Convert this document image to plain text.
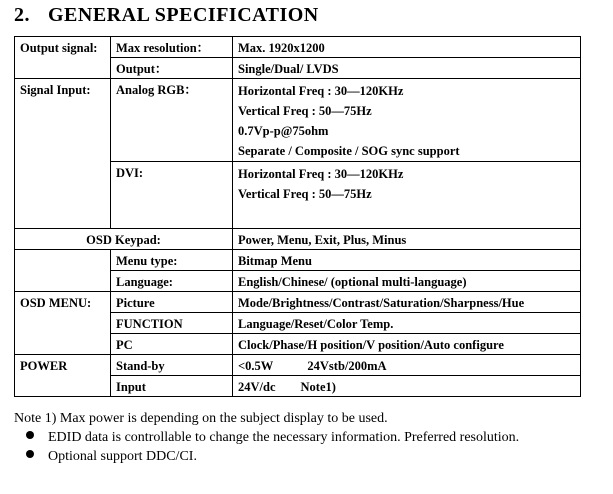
2. GENERAL SPECIFICATION
Output signal:	Max resolution：	Max. 1920x1200
	Output：	Single/Dual/ LVDS
Signal Input:	Analog RGB：	Horizontal Freq : 30—120KHz
Vertical Freq : 50—75Hz
0.7Vp-p@75ohm
Separate / Composite / SOG sync support

	DVI:	Horizontal Freq : 30—120KHz
Vertical Freq : 50—75Hz

OSD Keypad:		Power, Menu, Exit, Plus, Minus
	Menu type:	Bitmap Menu
	Language:	English/Chinese/ (optional multi-language)
OSD MENU:	Picture	Mode/Brightness/Contrast/Saturation/Sharpness/Hue
	FUNCTION	Language/Reset/Color Temp.
	PC	Clock/Phase/H position/V position/Auto configure
POWER	Stand-by	<0.5W           24Vstb/200mA
	Input	24V/dc        Note1)
Note 1) Max power is depending on the subject display to be used.
EDID data is controllable to change the necessary information. Preferred resolution.
Optional support DDC/CI.
